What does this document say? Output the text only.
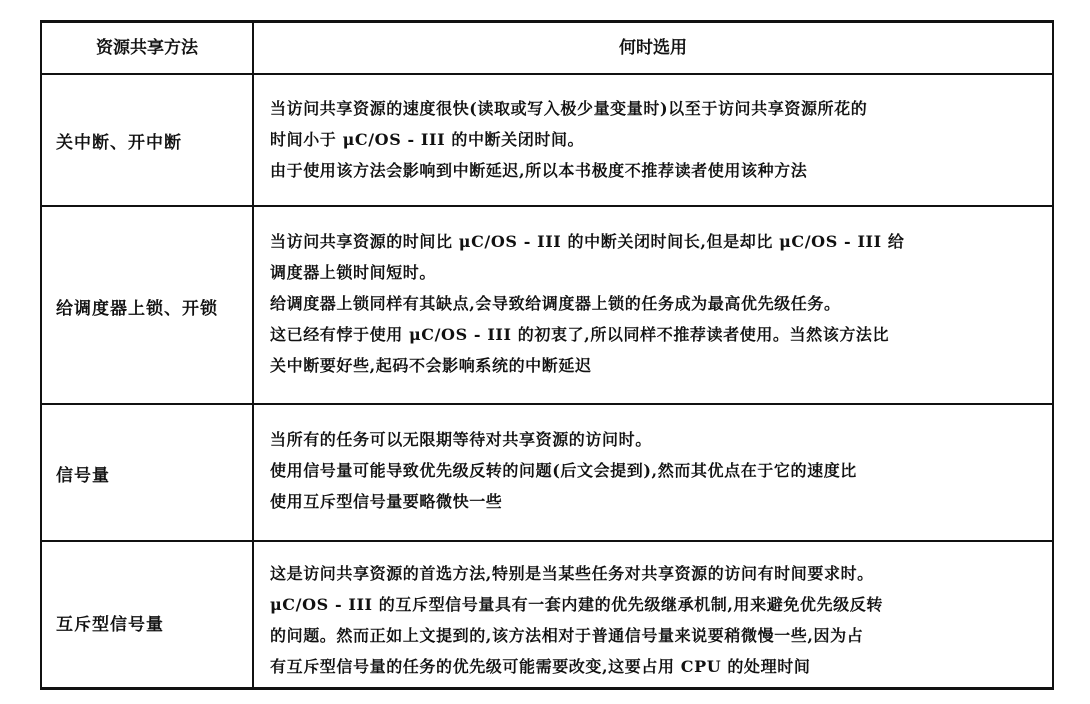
资源共享方法	何时选用
关中断、开中断

当访问共享资源的速度很快(读取或写入极少量变量时)以至于访问共享资源所花的

时间小于 μC/OS - III 的中断关闭时间。

由于使用该方法会影响到中断延迟,所以本书极度不推荐读者使用该种方法

给调度器上锁、开锁

当访问共享资源的时间比 μC/OS - III 的中断关闭时间长,但是却比 μC/OS - III 给

调度器上锁时间短时。

给调度器上锁同样有其缺点,会导致给调度器上锁的任务成为最高优先级任务。

这已经有悖于使用 μC/OS - III 的初衷了,所以同样不推荐读者使用。当然该方法比

关中断要好些,起码不会影响系统的中断延迟

信号量

当所有的任务可以无限期等待对共享资源的访问时。

使用信号量可能导致优先级反转的问题(后文会提到),然而其优点在于它的速度比

使用互斥型信号量要略微快一些

互斥型信号量

这是访问共享资源的首选方法,特别是当某些任务对共享资源的访问有时间要求时。

μC/OS - III 的互斥型信号量具有一套内建的优先级继承机制,用来避免优先级反转

的问题。然而正如上文提到的,该方法相对于普通信号量来说要稍微慢一些,因为占

有互斥型信号量的任务的优先级可能需要改变,这要占用 CPU 的处理时间
